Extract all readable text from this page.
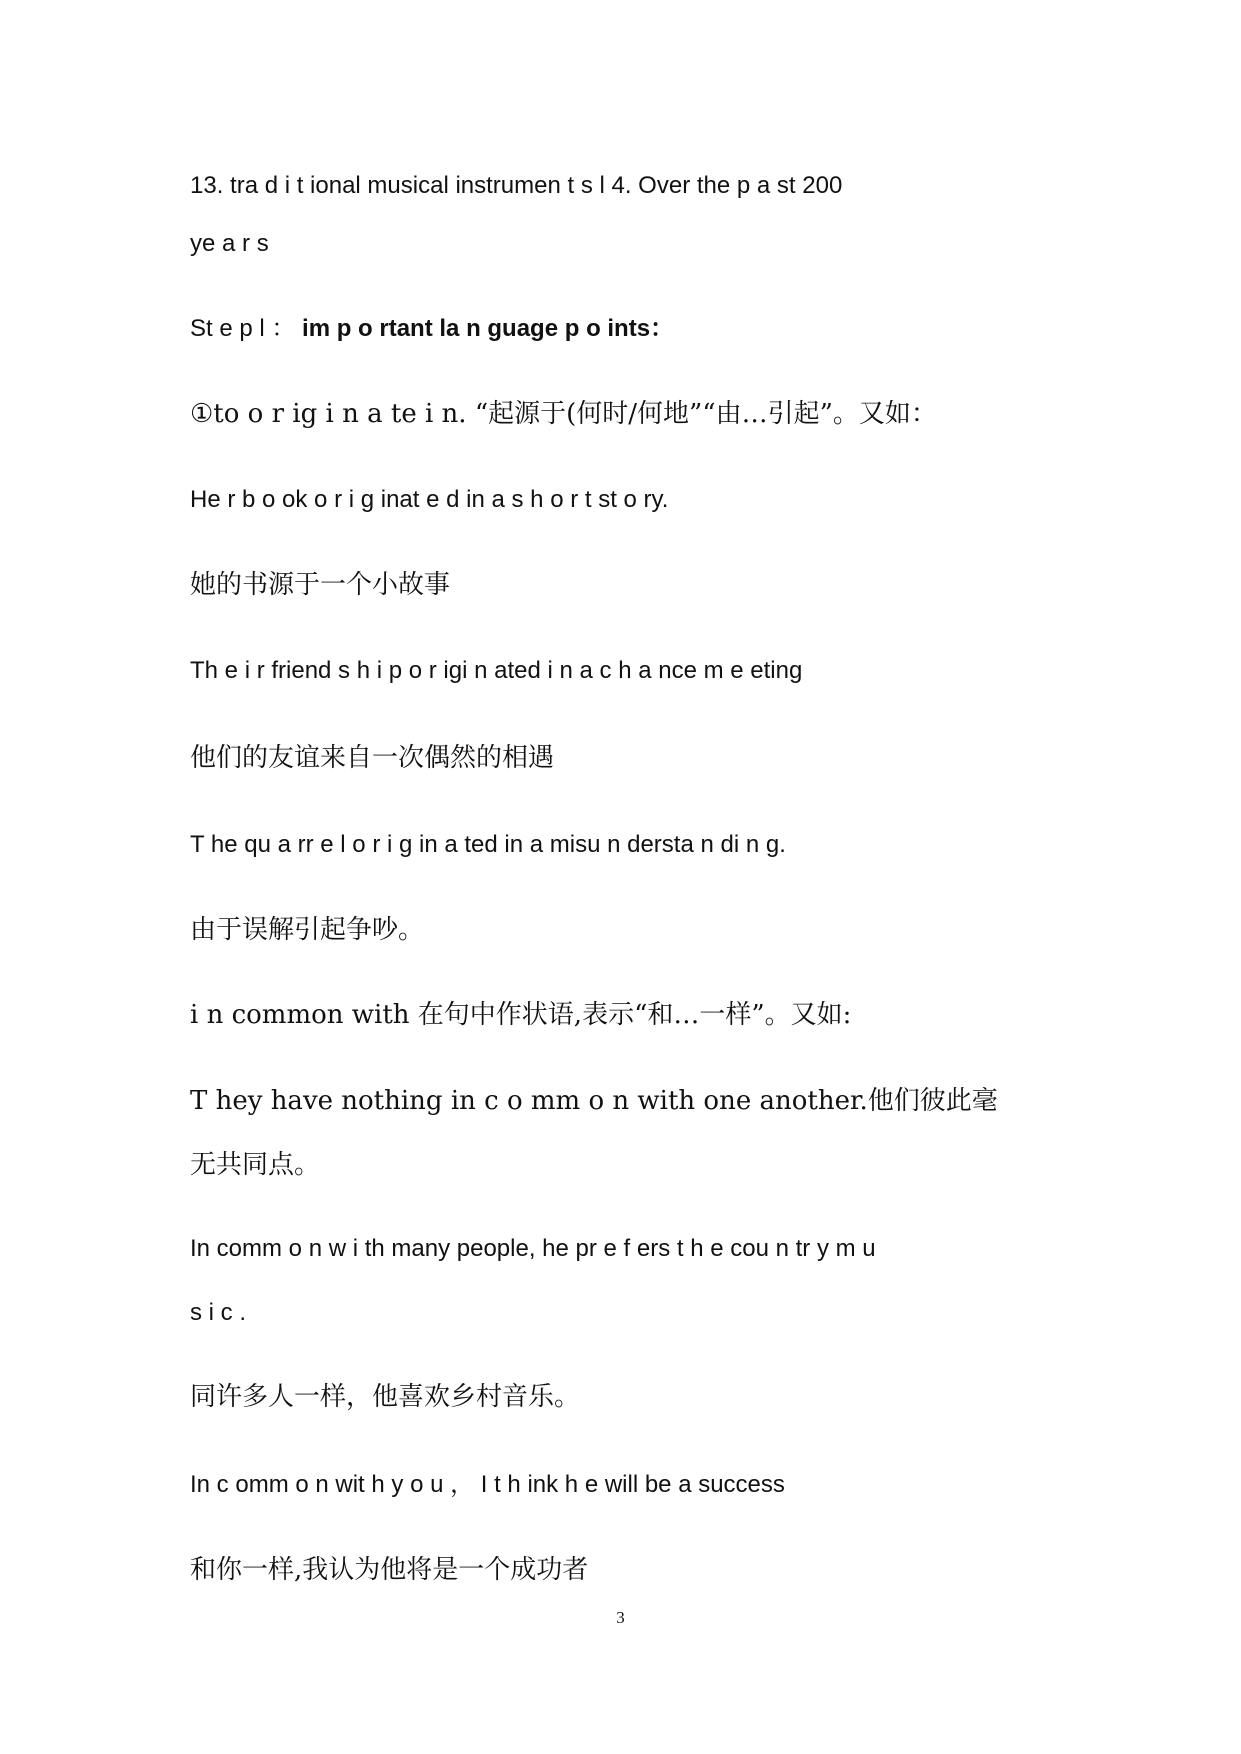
13. tra d i t ional musical instrumen t s l 4. Over the p a st 200
ye a r s
St e p l ： im p o rtant la n guage p o ints：
①to o r ig i n a te i n. “起源于(何时/何地”“由…引起”。又如：
He r b o ok o r i g inat e d in a s h o r t st o ry.
她的书源于一个小故事
Th e i r friend s h i p o r igi n ated i n a c h a nce m e eting
他们的友谊来自一次偶然的相遇
T he qu a rr e l o r i g in a ted in a misu n dersta n di n g.
由于误解引起争吵。
i n common with 在句中作状语,表示“和…一样”。又如:
T hey have nothing in c o mm o n with one another.他们彼此毫
无共同点。
In comm o n w i th many people, he pr e f ers t h e cou n tr y m u
s i c .
同许多人一样，他喜欢乡村音乐。
In c omm o n wit h y o u ， I t h ink h e will be a success
和你一样,我认为他将是一个成功者
3
